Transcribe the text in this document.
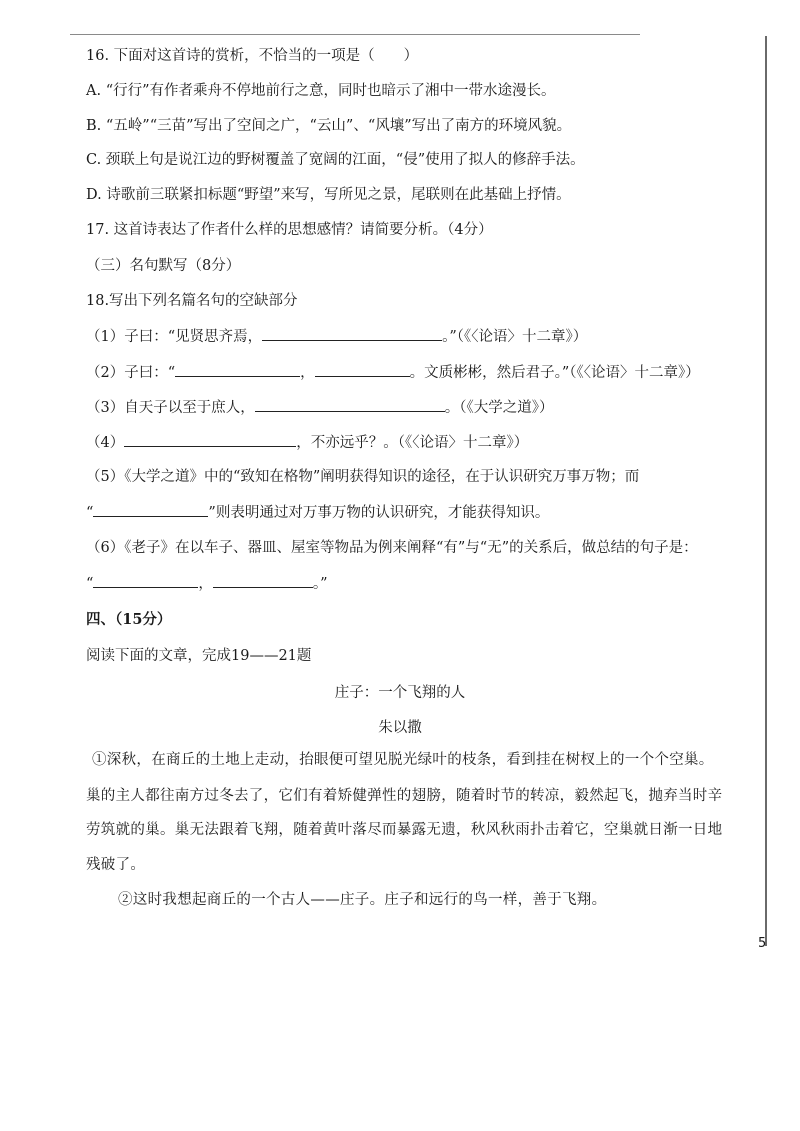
5
16. 下面对这首诗的赏析，不恰当的一项是（　　）
A. “行行”有作者乘舟不停地前行之意，同时也暗示了湘中一带水途漫长。
B. “五岭”“三苗”写出了空间之广，“云山”、“风壤”写出了南方的环境风貌。
C. 颈联上句是说江边的野树覆盖了宽阔的江面，“侵”使用了拟人的修辞手法。
D. 诗歌前三联紧扣标题“野望”来写，写所见之景，尾联则在此基础上抒情。
17. 这首诗表达了作者什么样的思想感情？请简要分析。（4分）
（三）名句默写（8分）
18.写出下列名篇名句的空缺部分
（1）子曰：“见贤思齐焉，	。”（《〈论语〉十二章》）
（2）子曰：“	，	。文质彬彬，然后君子。”（《〈论语〉十二章》）
（3）自天子以至于庶人，	。（《大学之道》）
（4）	，不亦远乎？。（《〈论语〉十二章》）
（5）《大学之道》中的“致知在格物”阐明获得知识的途径，在于认识研究万事万物；而
“	”则表明通过对万事万物的认识研究，才能获得知识。
（6）《老子》在以车子、器皿、屋室等物品为例来阐释“有”与“无”的关系后，做总结的句子是：
“	，	。”
四、（15分）
阅读下面的文章，完成19——21题
庄子：一个飞翔的人
朱以撒
①深秋，在商丘的土地上走动，抬眼便可望见脱光绿叶的枝条，看到挂在树杈上的一个个空巢。
巢的主人都往南方过冬去了，它们有着矫健弹性的翅膀，随着时节的转凉，毅然起飞，抛弃当时辛
劳筑就的巢。巢无法跟着飞翔，随着黄叶落尽而暴露无遗，秋风秋雨扑击着它，空巢就日渐一日地
残破了。
②这时我想起商丘的一个古人——庄子。庄子和远行的鸟一样，善于飞翔。
